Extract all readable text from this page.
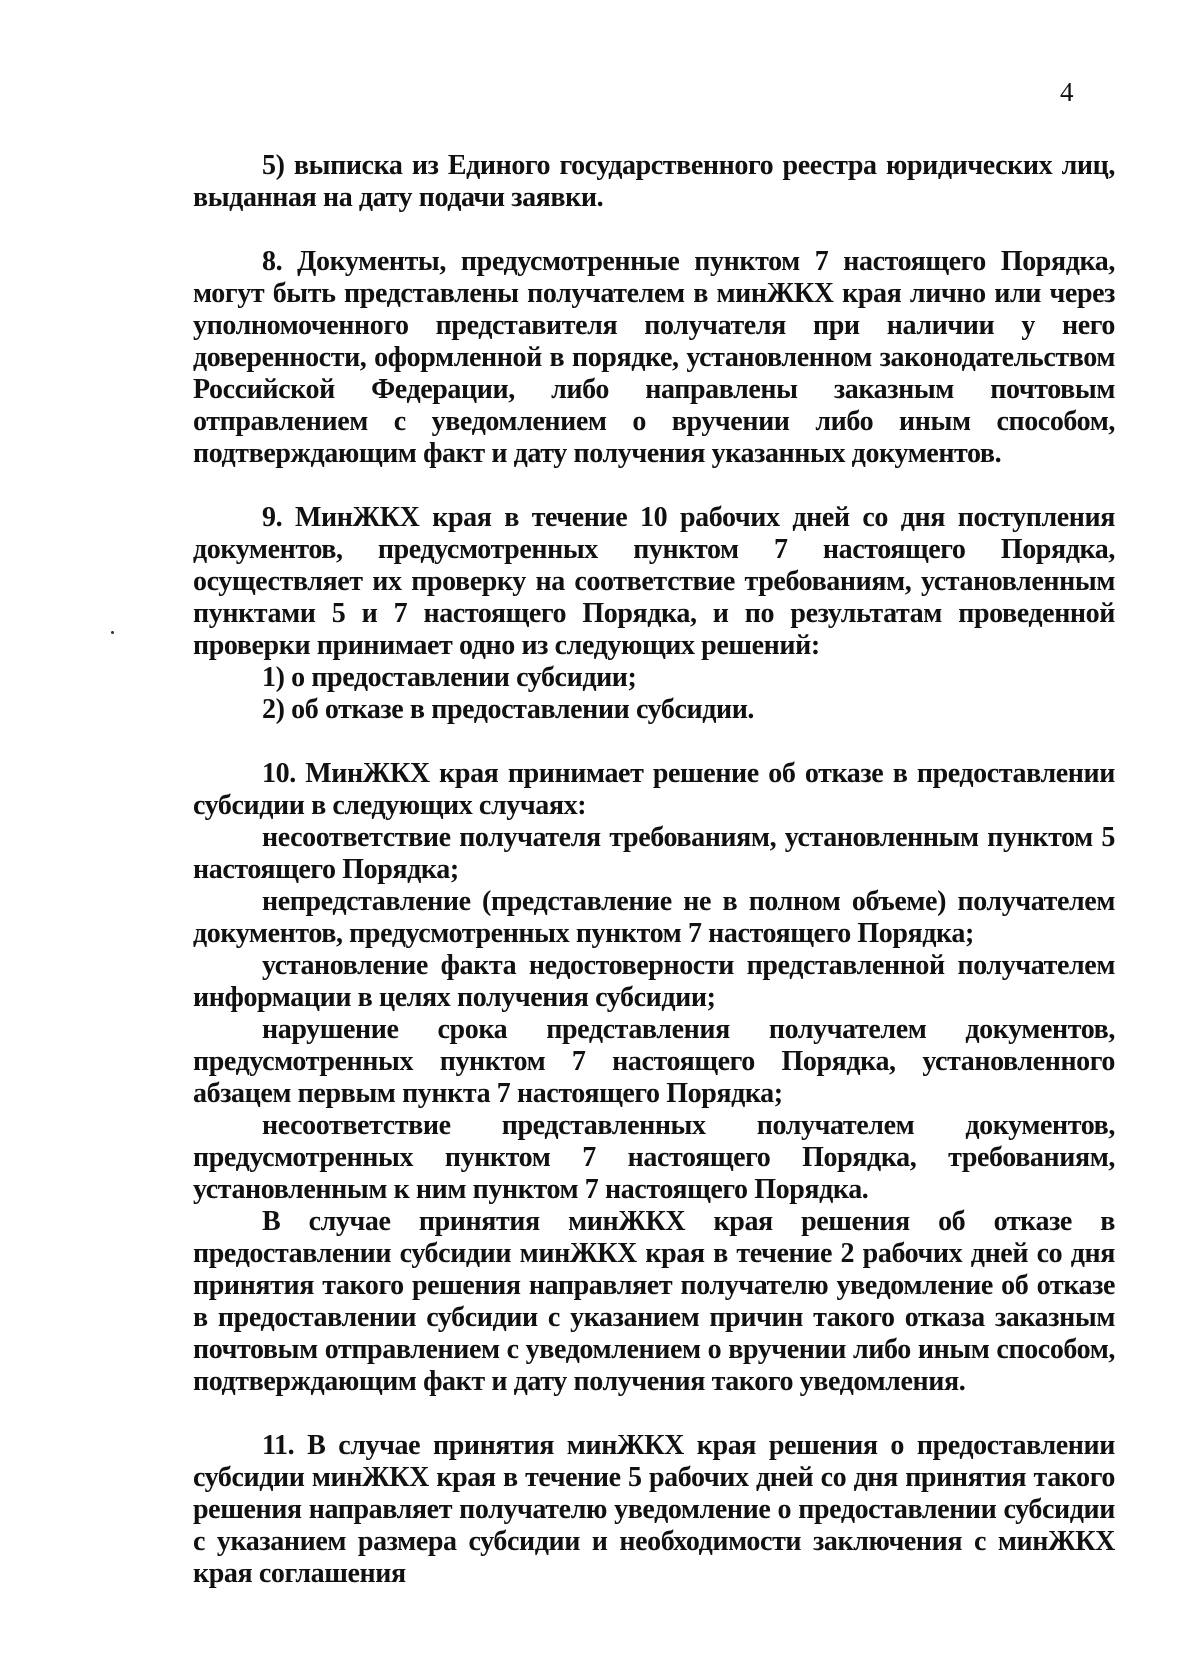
4

5) выписка из Единого государственного реестра юридических лиц, выданная на дату подачи заявки.

8. Документы, предусмотренные пунктом 7 настоящего Порядка, могут быть представлены получателем в минЖКХ края лично или через уполномоченного представителя получателя при наличии у него доверенности, оформленной в порядке, установленном законодательством Российской Федерации, либо направлены заказным почтовым отправлением с уведомлением о вручении либо иным способом, подтверждающим факт и дату получения указанных документов.

9. МинЖКХ края в течение 10 рабочих дней со дня поступления документов, предусмотренных пунктом 7 настоящего Порядка, осуществляет их проверку на соответствие требованиям, установленным пунктами 5 и 7 настоящего Порядка, и по результатам проведенной проверки принимает одно из следующих решений:

1) о предоставлении субсидии;

2) об отказе в предоставлении субсидии.

10. МинЖКХ края принимает решение об отказе в предоставлении субсидии в следующих случаях:

несоответствие получателя требованиям, установленным пунктом 5 настоящего Порядка;

непредставление (представление не в полном объеме) получателем документов, предусмотренных пунктом 7 настоящего Порядка;

установление факта недостоверности представленной получателем информации в целях получения субсидии;

нарушение срока представления получателем документов, предусмотренных пунктом 7 настоящего Порядка, установленного абзацем первым пункта 7 настоящего Порядка;

несоответствие представленных получателем документов, предусмотренных пунктом 7 настоящего Порядка, требованиям, установленным к ним пунктом 7 настоящего Порядка.

В случае принятия минЖКХ края решения об отказе в предоставлении субсидии минЖКХ края в течение 2 рабочих дней со дня принятия такого решения направляет получателю уведомление об отказе в предоставлении субсидии с указанием причин такого отказа заказным почтовым отправлением с уведомлением о вручении либо иным способом, подтверждающим факт и дату получения такого уведомления.

11. В случае принятия минЖКХ края решения о предоставлении субсидии минЖКХ края в течение 5 рабочих дней со дня принятия такого решения направляет получателю уведомление о предоставлении субсидии с указанием размера субсидии и необходимости заключения с минЖКХ края соглашения
